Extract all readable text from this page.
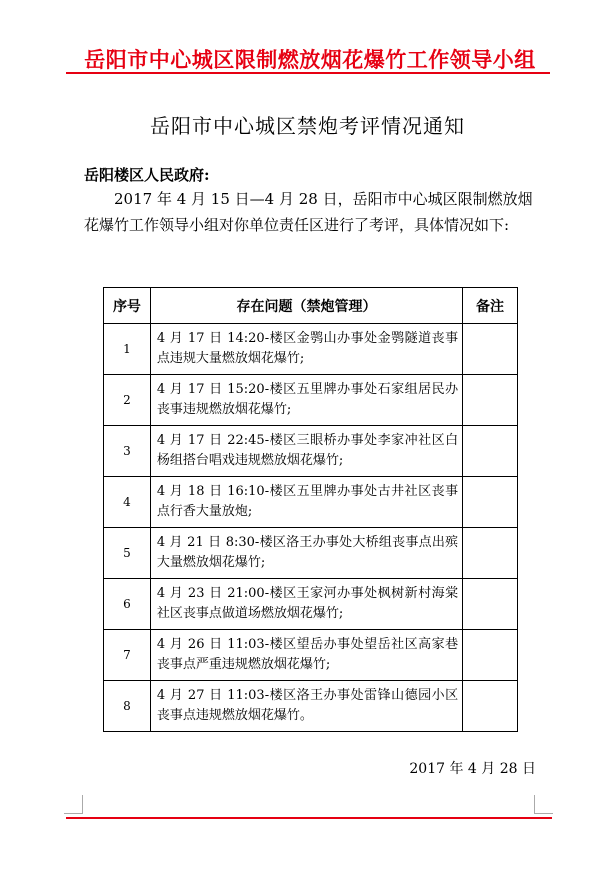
岳阳市中心城区限制燃放烟花爆竹工作领导小组
岳阳市中心城区禁炮考评情况通知
岳阳楼区人民政府:
2017 年 4 月 15 日—4 月 28 日，岳阳市中心城区限制燃放烟花爆竹工作领导小组对你单位责任区进行了考评，具体情况如下:
序号	存在问题（禁炮管理）	备注
1	4 月 17 日 14:20-楼区金鹗山办事处金鹗隧道丧事点违规大量燃放烟花爆竹;	
2	4 月 17 日 15:20-楼区五里牌办事处石家组居民办丧事违规燃放烟花爆竹;	
3	4 月 17 日 22:45-楼区三眼桥办事处李家冲社区白杨组搭台唱戏违规燃放烟花爆竹;	
4	4 月 18 日 16:10-楼区五里牌办事处古井社区丧事点行香大量放炮;	
5	4 月 21 日 8:30-楼区洛王办事处大桥组丧事点出殡大量燃放烟花爆竹;	
6	4 月 23 日 21:00-楼区王家河办事处枫树新村海棠社区丧事点做道场燃放烟花爆竹;	
7	4 月 26 日 11:03-楼区望岳办事处望岳社区高家巷丧事点严重违规燃放烟花爆竹;	
8	4 月 27 日 11:03-楼区洛王办事处雷锋山德园小区丧事点违规燃放烟花爆竹。	
2017 年 4 月 28 日
